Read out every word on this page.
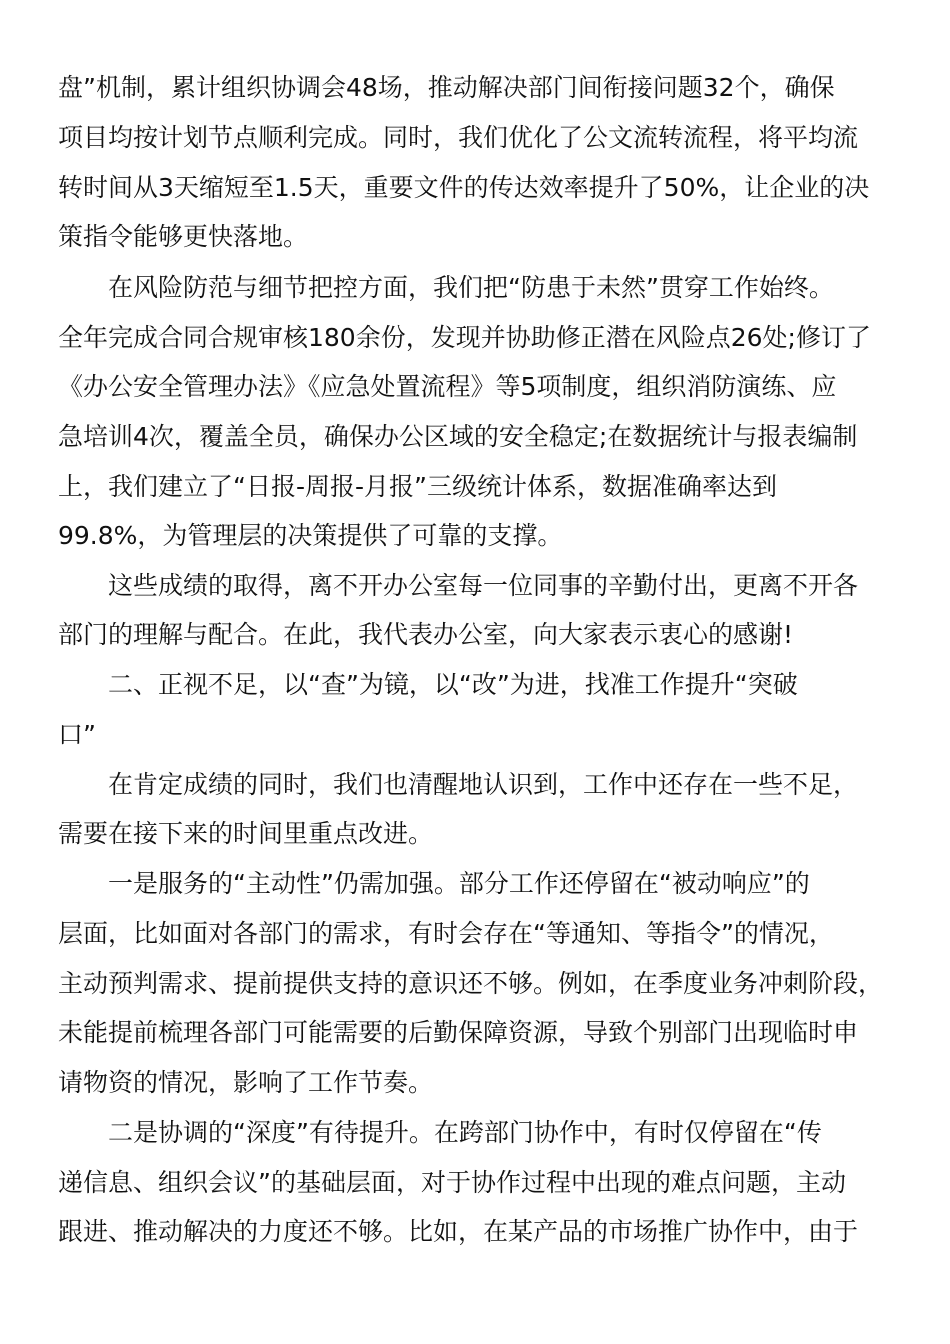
盘”机制，累计组织协调会48场，推动解决部门间衔接问题32个，确保

项目均按计划节点顺利完成。同时，我们优化了公文流转流程，将平均流

转时间从3天缩短至1.5天，重要文件的传达效率提升了50%，让企业的决

策指令能够更快落地。

在风险防范与细节把控方面，我们把“防患于未然”贯穿工作始终。

全年完成合同合规审核180余份，发现并协助修正潜在风险点26处;修订了

《办公安全管理办法》《应急处置流程》等5项制度，组织消防演练、应

急培训4次，覆盖全员，确保办公区域的安全稳定;在数据统计与报表编制

上，我们建立了“日报-周报-月报”三级统计体系，数据准确率达到

99.8%，为管理层的决策提供了可靠的支撑。

这些成绩的取得，离不开办公室每一位同事的辛勤付出，更离不开各

部门的理解与配合。在此，我代表办公室，向大家表示衷心的感谢!

二、正视不足，以“查”为镜，以“改”为进，找准工作提升“突破

口”

在肯定成绩的同时，我们也清醒地认识到，工作中还存在一些不足，

需要在接下来的时间里重点改进。

一是服务的“主动性”仍需加强。部分工作还停留在“被动响应”的

层面，比如面对各部门的需求，有时会存在“等通知、等指令”的情况，

主动预判需求、提前提供支持的意识还不够。例如，在季度业务冲刺阶段，

未能提前梳理各部门可能需要的后勤保障资源，导致个别部门出现临时申

请物资的情况，影响了工作节奏。

二是协调的“深度”有待提升。在跨部门协作中，有时仅停留在“传

递信息、组织会议”的基础层面，对于协作过程中出现的难点问题，主动

跟进、推动解决的力度还不够。比如，在某产品的市场推广协作中，由于
